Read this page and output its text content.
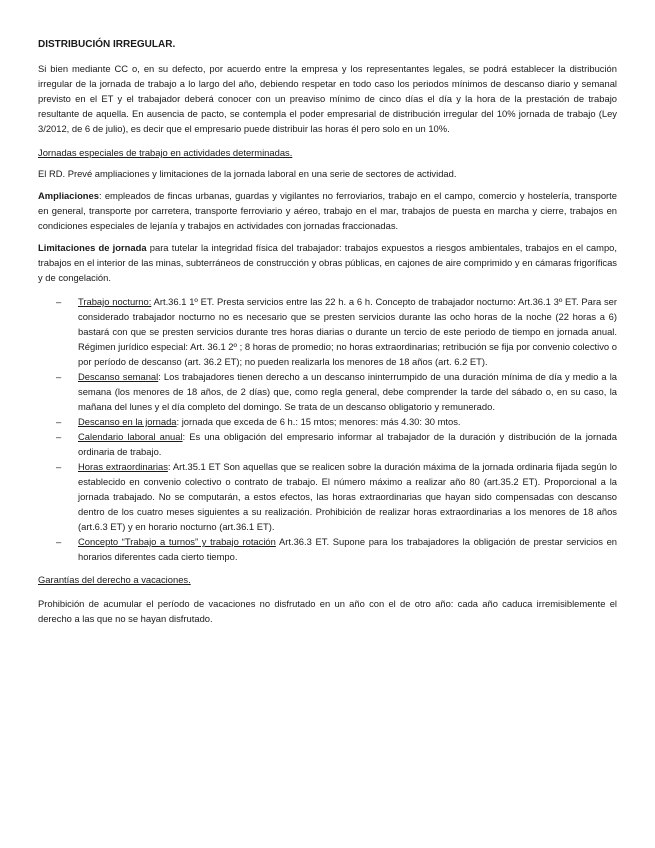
DISTRIBUCIÓN IRREGULAR.

Si bien mediante CC o, en su defecto, por acuerdo entre la empresa y los representantes legales, se podrá establecer la distribución irregular de la jornada de trabajo a lo largo del año, debiendo respetar en todo caso los periodos mínimos de descanso diario y semanal previsto en el ET y el trabajador deberá conocer con un preaviso mínimo de cinco días el día y la hora de la prestación de trabajo resultante de aquella. En ausencia de pacto, se contempla el poder empresarial de distribución irregular del 10% jornada de trabajo (Ley 3/2012, de 6 de julio), es decir que el empresario puede distribuir las horas él pero solo en un 10%.

Jornadas especiales de trabajo en actividades determinadas.

El RD. Prevé ampliaciones y limitaciones de la jornada laboral en una serie de sectores de actividad.

Ampliaciones: empleados de fincas urbanas, guardas y vigilantes no ferroviarios, trabajo en el campo, comercio y hostelería, transporte en general, transporte por carretera, transporte ferroviario y aéreo, trabajo en el mar, trabajos de puesta en marcha y cierre, trabajos en condiciones especiales de lejanía y trabajos en actividades con jornadas fraccionadas.

Limitaciones de jornada para tutelar la integridad física del trabajador: trabajos expuestos a riesgos ambientales, trabajos en el campo, trabajos en el interior de las minas, subterráneos de construcción y obras públicas, en cajones de aire comprimido y en cámaras frigoríficas y de congelación.

– Trabajo nocturno: Art.36.1 1º ET. Presta servicios entre las 22 h. a 6 h. Concepto de trabajador nocturno: Art.36.1 3º ET. Para ser considerado trabajador nocturno no es necesario que se presten servicios durante las ocho horas de la noche (22 horas a 6) bastará con que se presten servicios durante tres horas diarias o durante un tercio de este periodo de tiempo en jornada anual. Régimen jurídico especial: Art. 36.1 2º ; 8 horas de promedio; no horas extraordinarias; retribución se fija por convenio colectivo o por período de descanso (art. 36.2 ET); no pueden realizarla los menores de 18 años (art. 6.2 ET).
– Descanso semanal: Los trabajadores tienen derecho a un descanso ininterrumpido de una duración mínima de día y medio a la semana (los menores de 18 años, de 2 días) que, como regla general, debe comprender la tarde del sábado o, en su caso, la mañana del lunes y el día completo del domingo. Se trata de un descanso obligatorio y remunerado.
– Descanso en la jornada: jornada que exceda de 6 h.: 15 mtos; menores: más 4.30: 30 mtos.
– Calendario laboral anual: Es una obligación del empresario informar al trabajador de la duración y distribución de la jornada ordinaria de trabajo.
– Horas extraordinarias: Art.35.1 ET Son aquellas que se realicen sobre la duración máxima de la jornada ordinaria fijada según lo establecido en convenio colectivo o contrato de trabajo. El número máximo a realizar año 80 (art.35.2 ET). Proporcional a la jornada trabajado. No se computarán, a estos efectos, las horas extraordinarias que hayan sido compensadas con descanso dentro de los cuatro meses siguientes a su realización. Prohibición de realizar horas extraordinarias a los menores de 18 años (art.6.3 ET) y en horario nocturno (art.36.1 ET).
– Concepto “Trabajo a turnos” y trabajo rotación Art.36.3 ET. Supone para los trabajadores la obligación de prestar servicios en horarios diferentes cada cierto tiempo.
Garantías del derecho a vacaciones.

Prohibición de acumular el período de vacaciones no disfrutado en un año con el de otro año: cada año caduca irremisiblemente el derecho a las que no se hayan disfrutado.
